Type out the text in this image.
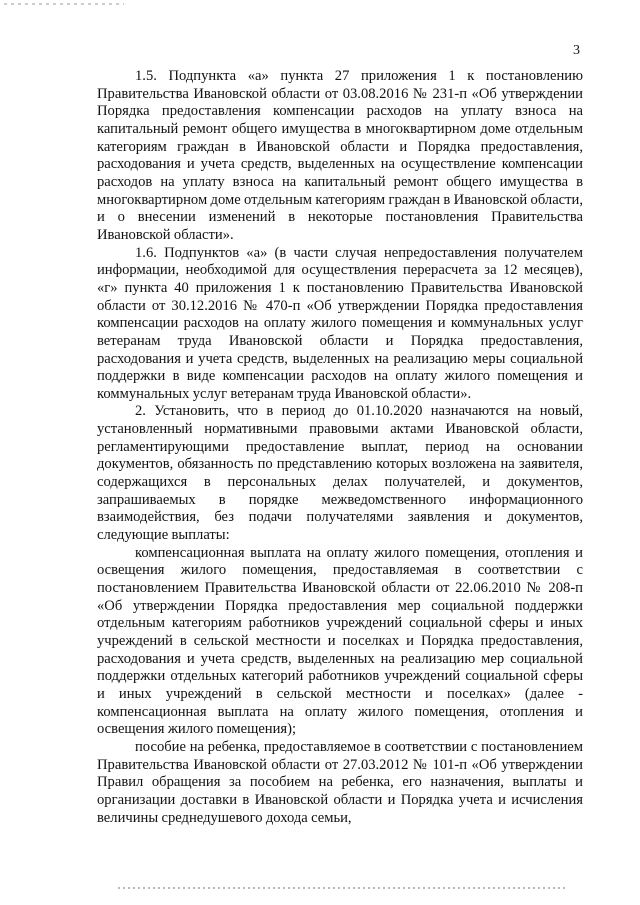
3

1.5. Подпункта «а» пункта 27 приложения 1 к постановлению Правительства Ивановской области от 03.08.2016 № 231-п «Об утверждении Порядка предоставления компенсации расходов на уплату взноса на капитальный ремонт общего имущества в многоквартирном доме отдельным категориям граждан в Ивановской области и Порядка предоставления, расходования и учета средств, выделенных на осуществление компенсации расходов на уплату взноса на капитальный ремонт общего имущества в многоквартирном доме отдельным категориям граждан в Ивановской области, и о внесении изменений в некоторые постановления Правительства Ивановской области».

1.6. Подпунктов «а» (в части случая непредоставления получателем информации, необходимой для осуществления перерасчета за 12 месяцев), «г» пункта 40 приложения 1 к постановлению Правительства Ивановской области от 30.12.2016 № 470-п «Об утверждении Порядка предоставления компенсации расходов на оплату жилого помещения и коммунальных услуг ветеранам труда Ивановской области и Порядка предоставления, расходования и учета средств, выделенных на реализацию меры социальной поддержки в виде компенсации расходов на оплату жилого помещения и коммунальных услуг ветеранам труда Ивановской области».

2. Установить, что в период до 01.10.2020 назначаются на новый, установленный нормативными правовыми актами Ивановской области, регламентирующими предоставление выплат, период на основании документов, обязанность по представлению которых возложена на заявителя, содержащихся в персональных делах получателей, и документов, запрашиваемых в порядке межведомственного информационного взаимодействия, без подачи получателями заявления и документов, следующие выплаты:

компенсационная выплата на оплату жилого помещения, отопления и освещения жилого помещения, предоставляемая в соответствии с постановлением Правительства Ивановской области от 22.06.2010 № 208-п «Об утверждении Порядка предоставления мер социальной поддержки отдельным категориям работников учреждений социальной сферы и иных учреждений в сельской местности и поселках и Порядка предоставления, расходования и учета средств, выделенных на реализацию мер социальной поддержки отдельных категорий работников учреждений социальной сферы и иных учреждений в сельской местности и поселках» (далее - компенсационная выплата на оплату жилого помещения, отопления и освещения жилого помещения);

пособие на ребенка, предоставляемое в соответствии с постановлением Правительства Ивановской области от 27.03.2012 № 101-п «Об утверждении Правил обращения за пособием на ребенка, его назначения, выплаты и организации доставки в Ивановской области и Порядка учета и исчисления величины среднедушевого дохода семьи,
